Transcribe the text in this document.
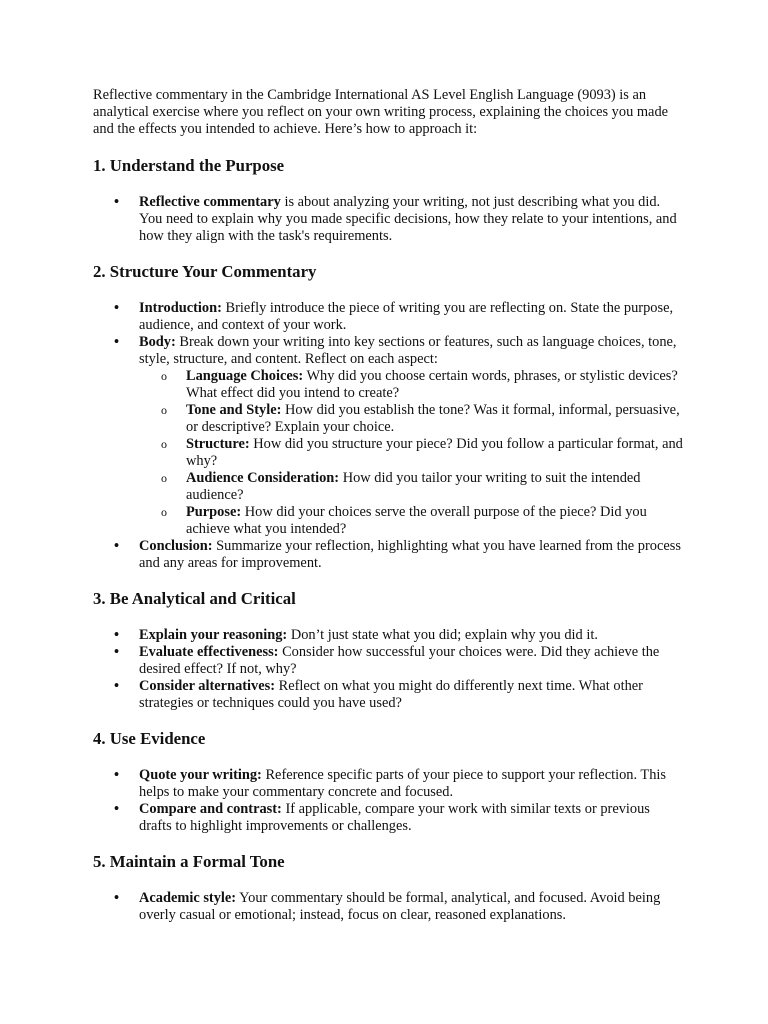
Reflective commentary in the Cambridge International AS Level English Language (9093) is an analytical exercise where you reflect on your own writing process, explaining the choices you made and the effects you intended to achieve. Here’s how to approach it:

1. Understand the Purpose
• Reflective commentary is about analyzing your writing, not just describing what you did. You need to explain why you made specific decisions, how they relate to your intentions, and how they align with the task's requirements.
2. Structure Your Commentary
• Introduction: Briefly introduce the piece of writing you are reflecting on. State the purpose, audience, and context of your work.
• Body: Break down your writing into key sections or features, such as language choices, tone, style, structure, and content. Reflect on each aspect:
o Language Choices: Why did you choose certain words, phrases, or stylistic devices? What effect did you intend to create?
o Tone and Style: How did you establish the tone? Was it formal, informal, persuasive, or descriptive? Explain your choice.
o Structure: How did you structure your piece? Did you follow a particular format, and why?
o Audience Consideration: How did you tailor your writing to suit the intended audience?
o Purpose: How did your choices serve the overall purpose of the piece? Did you achieve what you intended?
• Conclusion: Summarize your reflection, highlighting what you have learned from the process and any areas for improvement.
3. Be Analytical and Critical
• Explain your reasoning: Don’t just state what you did; explain why you did it.
• Evaluate effectiveness: Consider how successful your choices were. Did they achieve the desired effect? If not, why?
• Consider alternatives: Reflect on what you might do differently next time. What other strategies or techniques could you have used?
4. Use Evidence
• Quote your writing: Reference specific parts of your piece to support your reflection. This helps to make your commentary concrete and focused.
• Compare and contrast: If applicable, compare your work with similar texts or previous drafts to highlight improvements or challenges.
5. Maintain a Formal Tone
• Academic style: Your commentary should be formal, analytical, and focused. Avoid being overly casual or emotional; instead, focus on clear, reasoned explanations.
